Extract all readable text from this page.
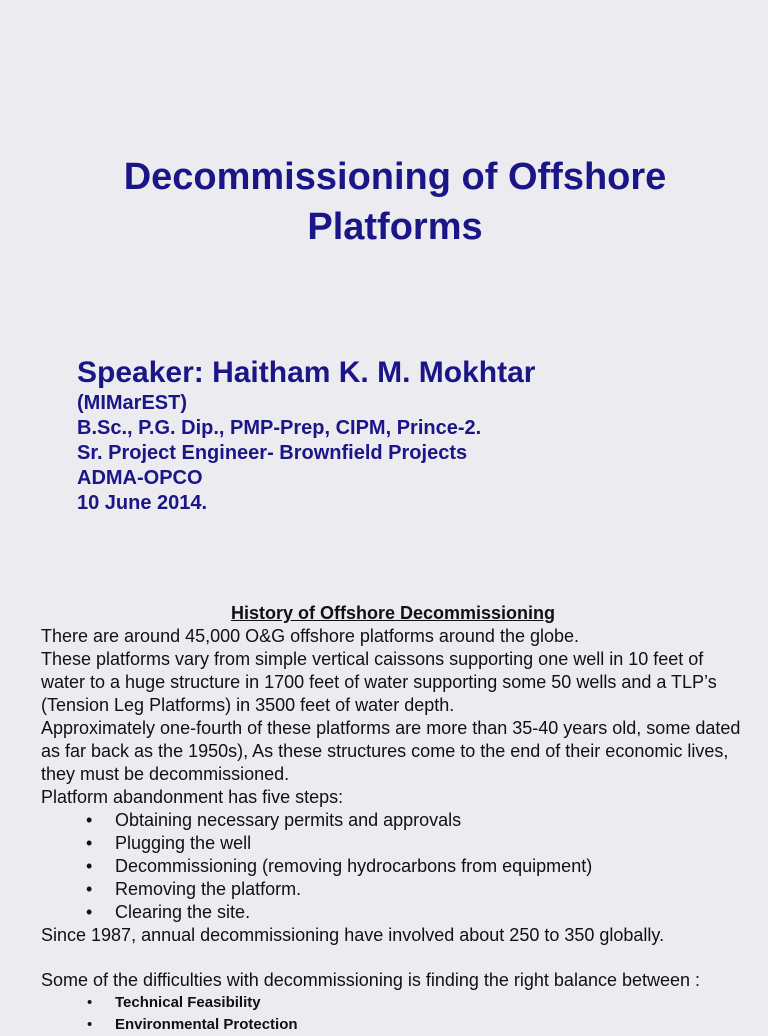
Decommissioning of Offshore
Platforms
Speaker: Haitham K. M. Mokhtar
(MIMarEST)
B.Sc., P.G. Dip., PMP-Prep, CIPM, Prince-2.
Sr. Project Engineer- Brownfield Projects
ADMA-OPCO
10 June 2014.
History of Offshore Decommissioning

There are around 45,000 O&G offshore platforms around the globe.

These platforms vary from simple vertical caissons supporting one well in 10 feet of water to a huge structure in 1700 feet of water supporting some 50 wells and a TLP’s (Tension Leg Platforms) in 3500 feet of water depth.

Approximately one-fourth of these platforms are more than 35-40 years old, some dated as far back as the 1950s), As these structures come to the end of their economic lives, they must be decommissioned.

Platform abandonment has five steps:

• Obtaining necessary permits and approvals
• Plugging the well
• Decommissioning (removing hydrocarbons from equipment)
• Removing the platform.
• Clearing the site.

Since 1987, annual decommissioning have involved about 250 to 350 globally.

Some of the difficulties with decommissioning is finding the right balance between :

• Technical Feasibility
• Environmental Protection
